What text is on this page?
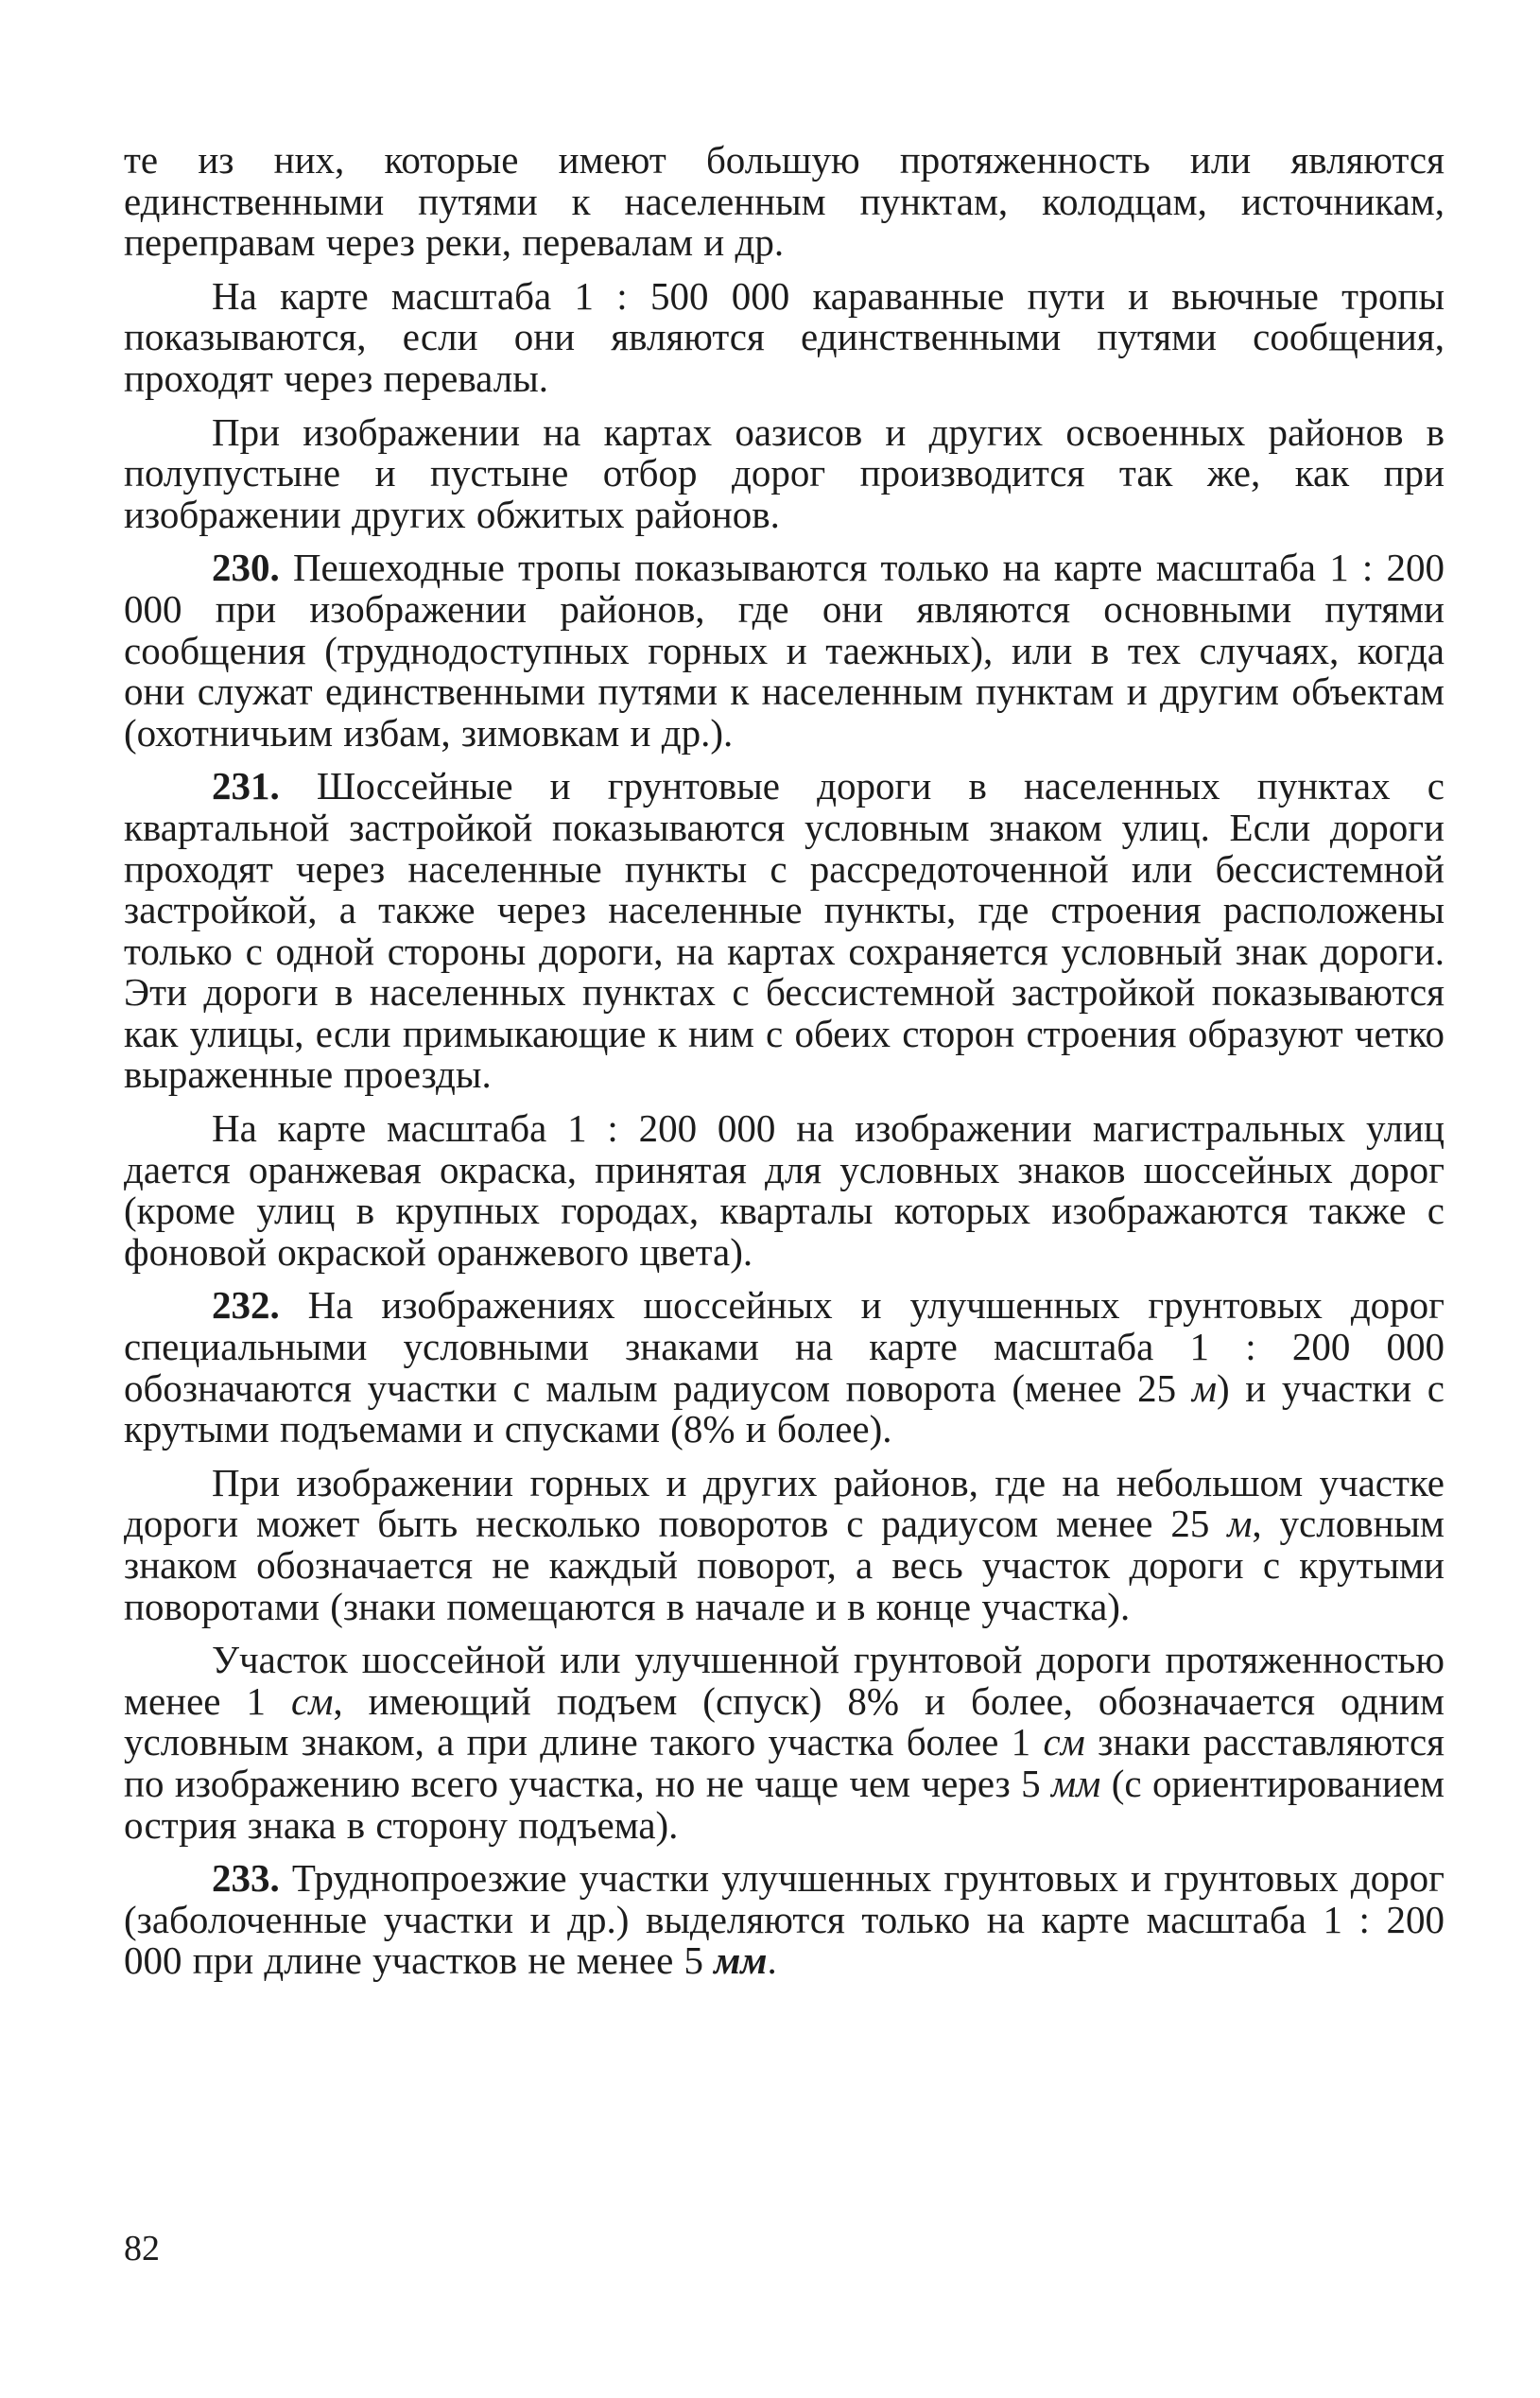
те из них, которые имеют большую протяженность или являются единственными путями к населенным пунктам, колодцам, источникам, переправам через реки, перевалам и др.

На карте масштаба 1 : 500 000 караванные пути и вьючные тропы показываются, если они являются единственными путями сообщения, проходят через перевалы.

При изображении на картах оазисов и других освоенных районов в полупустыне и пустыне отбор дорог производится так же, как при изображении других обжитых районов.

230. Пешеходные тропы показываются только на карте масштаба 1 : 200 000 при изображении районов, где они являются основными путями сообщения (труднодоступных горных и таежных), или в тех случаях, когда они служат единственными путями к населенным пунктам и другим объектам (охотничьим избам, зимовкам и др.).

231. Шоссейные и грунтовые дороги в населенных пунктах с квартальной застройкой показываются условным знаком улиц. Если дороги проходят через населенные пункты с рассредоточенной или бессистемной застройкой, а также через населенные пункты, где строения расположены только с одной стороны дороги, на картах сохраняется условный знак дороги. Эти дороги в населенных пунктах с бессистемной застройкой показываются как улицы, если примыкающие к ним с обеих сторон строения образуют четко выраженные проезды.

На карте масштаба 1 : 200 000 на изображении магистральных улиц дается оранжевая окраска, принятая для условных знаков шоссейных дорог (кроме улиц в крупных городах, кварталы которых изображаются также с фоновой окраской оранжевого цвета).

232. На изображениях шоссейных и улучшенных грунтовых дорог специальными условными знаками на карте масштаба 1 : 200 000 обозначаются участки с малым радиусом поворота (менее 25 м) и участки с крутыми подъемами и спусками (8% и более).

При изображении горных и других районов, где на небольшом участке дороги может быть несколько поворотов с радиусом менее 25 м, условным знаком обозначается не каждый поворот, а весь участок дороги с крутыми поворотами (знаки помещаются в начале и в конце участка).

Участок шоссейной или улучшенной грунтовой дороги протяженностью менее 1 см, имеющий подъем (спуск) 8% и более, обозначается одним условным знаком, а при длине такого участка более 1 см знаки расставляются по изображению всего участка, но не чаще чем через 5 мм (с ориентированием острия знака в сторону подъема).

233. Труднопроезжие участки улучшенных грунтовых и грунтовых дорог (заболоченные участки и др.) выделяются только на карте масштаба 1 : 200 000 при длине участков не менее 5 мм.

82
